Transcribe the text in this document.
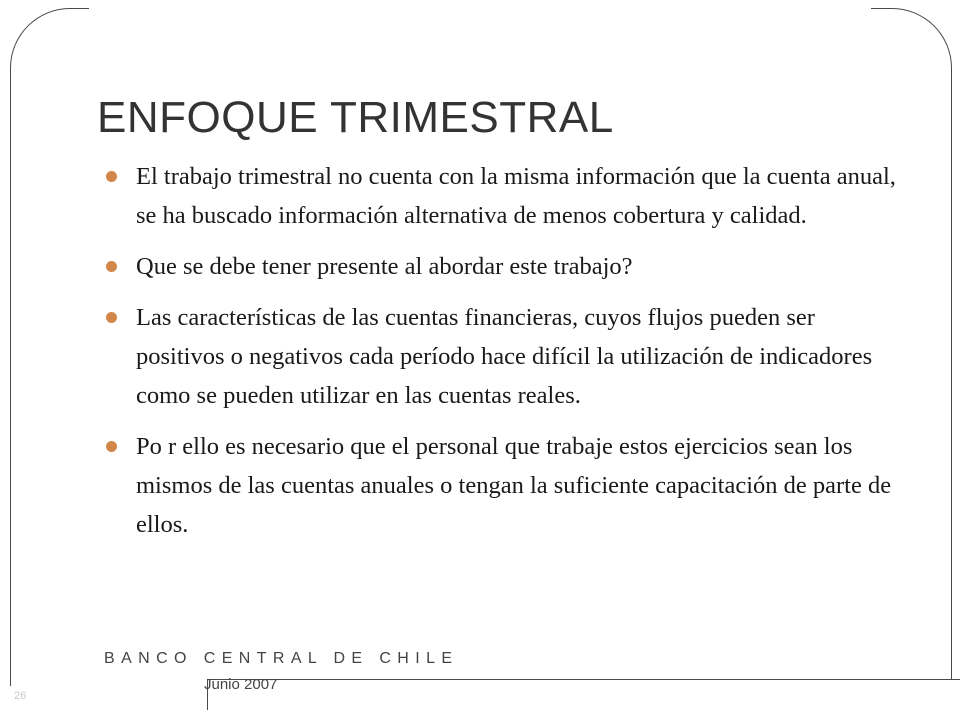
ENFOQUE TRIMESTRAL
El trabajo trimestral no cuenta con la misma información que la cuenta anual, se ha buscado información alternativa de menos cobertura y calidad.
Que se debe tener presente al abordar este trabajo?
Las características de las cuentas financieras, cuyos flujos pueden ser positivos o negativos cada período hace difícil la utilización de indicadores como se pueden utilizar en las cuentas reales.
Po r ello es necesario que el personal que trabaje estos ejercicios sean los mismos de las cuentas anuales o tengan la suficiente capacitación de parte de ellos.
BANCO CENTRAL DE CHILE
Junio 2007
26
